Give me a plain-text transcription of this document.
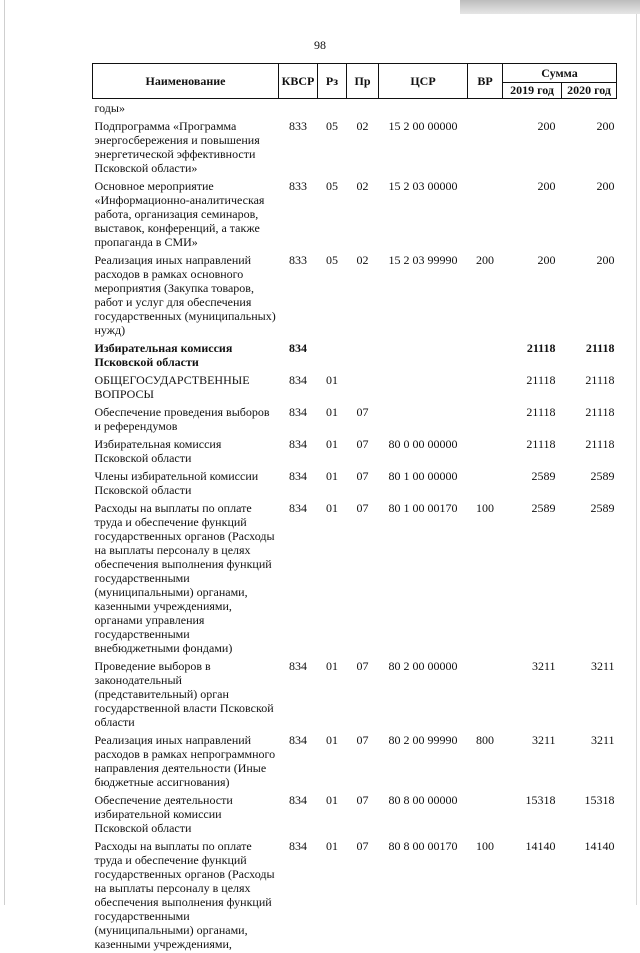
98
Наименование	КВСР	Рз	Пр	ЦСР	ВР	Сумма	
						2019 год	2020 год
годы»							
Подпрограмма «Программа энергосбережения и повышения энергетической эффективности Псковской области»	833	05	02	15 2 00 00000		200	200
Основное мероприятие «Информационно-аналитическая работа, организация семинаров, выставок, конференций, а также пропаганда в СМИ»	833	05	02	15 2 03 00000		200	200
Реализация иных направлений расходов в рамках основного мероприятия (Закупка товаров, работ и услуг для обеспечения государственных (муниципальных) нужд)	833	05	02	15 2 03 99990	200	200	200
Избирательная комиссия Псковской области	834					21118	21118
ОБЩЕГОСУДАРСТВЕННЫЕ ВОПРОСЫ	834	01				21118	21118
Обеспечение проведения выборов и референдумов	834	01	07			21118	21118
Избирательная комиссия Псковской области	834	01	07	80 0 00 00000		21118	21118
Члены избирательной комиссии Псковской области	834	01	07	80 1 00 00000		2589	2589
Расходы на выплаты по оплате труда и обеспечение функций государственных органов (Расходы на выплаты персоналу в целях обеспечения выполнения функций государственными (муниципальными) органами, казенными учреждениями, органами управления государственными внебюджетными фондами)	834	01	07	80 1 00 00170	100	2589	2589
Проведение выборов в законодательный (представительный) орган государственной власти Псковской области	834	01	07	80 2 00 00000		3211	3211
Реализация иных направлений расходов в рамках непрограммного направления деятельности (Иные бюджетные ассигнования)	834	01	07	80 2 00 99990	800	3211	3211
Обеспечение деятельности избирательной комиссии Псковской области	834	01	07	80 8 00 00000		15318	15318
Расходы на выплаты по оплате труда и обеспечение функций государственных органов (Расходы на выплаты персоналу в целях обеспечения выполнения функций государственными (муниципальными) органами, казенными учреждениями,	834	01	07	80 8 00 00170	100	14140	14140
